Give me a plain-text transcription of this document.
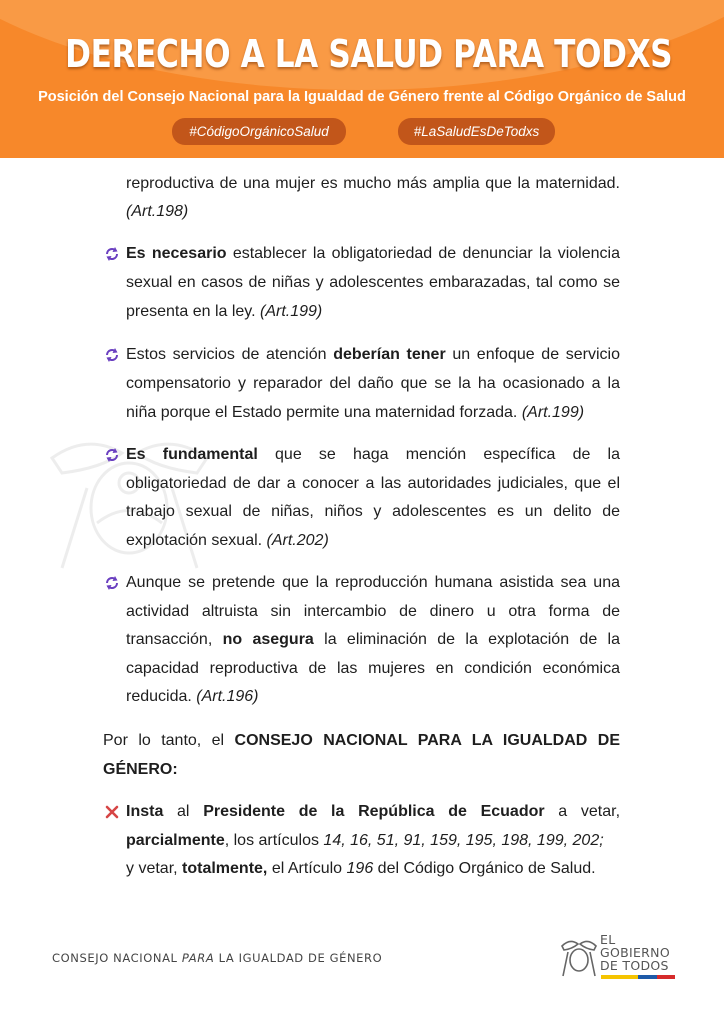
DERECHO A LA SALUD PARA TODXS
Posición del Consejo Nacional para la Igualdad de Género frente al Código Orgánico de Salud
#CódigoOrgánicoSalud	#LaSaludEsDeTodxs
reproductiva de una mujer es mucho más amplia que la maternidad.
(Art.198)
Es necesario establecer la obligatoriedad de denunciar la violencia
sexual en casos de niñas y adolescentes embarazadas, tal como se
presenta en la ley. (Art.199)
Estos servicios de atención deberían tener un enfoque de servicio
compensatorio y reparador del daño que se la ha ocasionado a la
niña porque el Estado permite una maternidad forzada. (Art.199)
Es fundamental que se haga mención específica de la
obligatoriedad de dar a conocer a las autoridades judiciales, que el
trabajo sexual de niñas, niños y adolescentes es un delito de
explotación sexual. (Art.202)
Aunque se pretende que la reproducción humana asistida sea una
actividad altruista sin intercambio de dinero u otra forma de
transacción, no asegura la eliminación de la explotación de la
capacidad reproductiva de las mujeres en condición económica
reducida. (Art.196)
Por lo tanto, el CONSEJO NACIONAL PARA LA IGUALDAD DE
GÉNERO:
Insta al Presidente de la República de Ecuador a vetar,
parcialmente, los artículos 14, 16, 51, 91, 159, 195, 198, 199, 202;
y vetar, totalmente, el Artículo 196 del Código Orgánico de Salud.
CONSEJO NACIONAL PARA LA IGUALDAD DE GÉNERO
EL
GOBIERNO
DE TODOS
